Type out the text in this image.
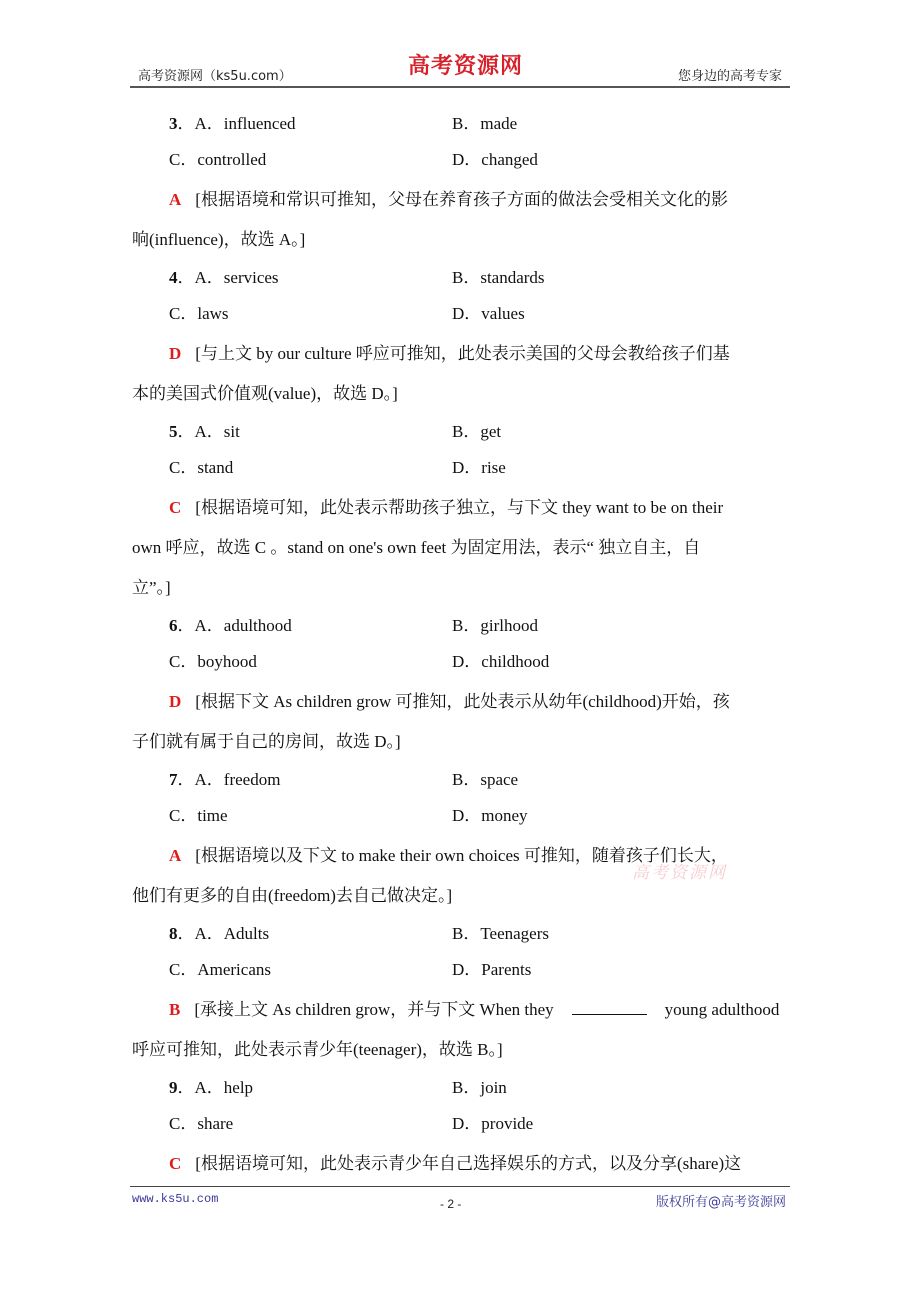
高考资源网（ks5u.com）	高考资源网	您身边的高考专家
3．A．influenced	B．made
C．controlled	D．changed
A [根据语境和常识可推知，父母在养育孩子方面的做法会受相关文化的影
响(influence)，故选 A。]
4．A．services	B．standards
C．laws	D．values
D [与上文 by our culture 呼应可推知，此处表示美国的父母会教给孩子们基
本的美国式价值观(value)，故选 D。]
5．A．sit	B．get
C．stand	D．rise
C [根据语境可知，此处表示帮助孩子独立，与下文 they want to be on their
own 呼应，故选 C 。stand on one's own feet 为固定用法，表示“ 独立自主，自
立”。]
6．A．adulthood	B．girlhood
C．boyhood	D．childhood
D [根据下文 As children grow 可推知，此处表示从幼年(childhood)开始，孩
子们就有属于自己的房间，故选 D。]
7．A．freedom	B．space
C．time	D．money
A [根据语境以及下文 to make their own choices 可推知，随着孩子们长大，
他们有更多的自由(freedom)去自己做决定。]
8．A．Adults	B．Teenagers
C．Americans	D．Parents
B [承接上文 As children grow，并与下文 When they	young adulthood
呼应可推知，此处表示青少年(teenager)，故选 B。]
9．A．help	B．join
C．share	D．provide
C [根据语境可知，此处表示青少年自己选择娱乐的方式，以及分享(share)这
高考资源网
www.ks5u.com	- 2 -	版权所有@高考资源网
